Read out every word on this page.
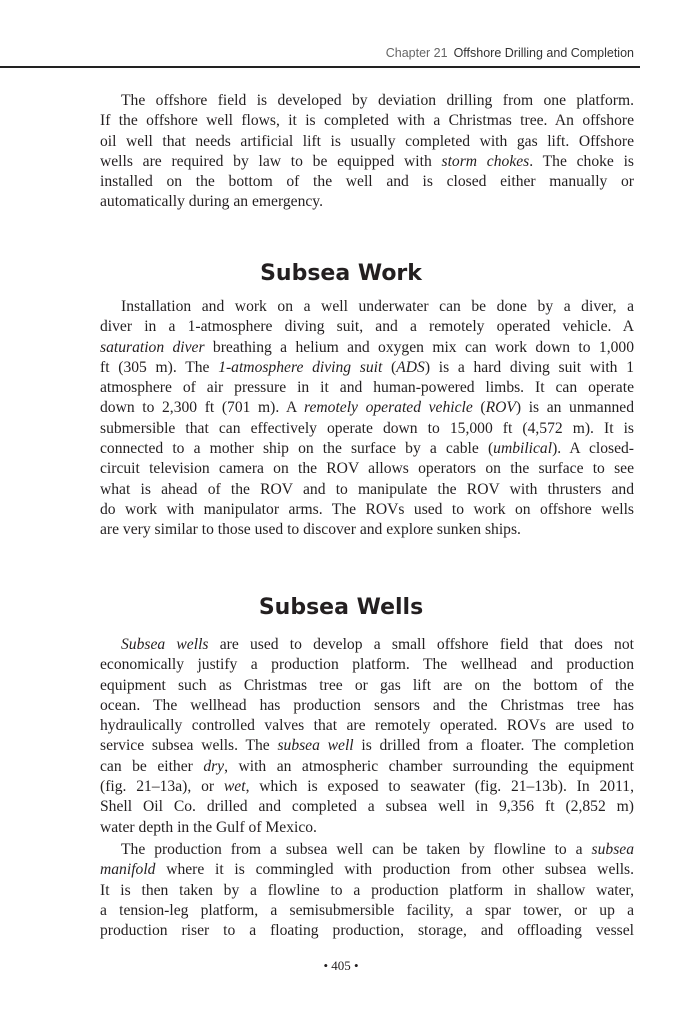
Chapter 21 Offshore Drilling and Completion
The offshore field is developed by deviation drilling from one platform.
If the offshore well flows, it is completed with a Christmas tree. An offshore
oil well that needs artificial lift is usually completed with gas lift. Offshore
wells are required by law to be equipped with storm chokes. The choke is
installed on the bottom of the well and is closed either manually or
automatically during an emergency.
Subsea Work
Installation and work on a well underwater can be done by a diver, a
diver in a 1-atmosphere diving suit, and a remotely operated vehicle. A
saturation diver breathing a helium and oxygen mix can work down to 1,000
ft (305 m). The 1-atmosphere diving suit (ADS) is a hard diving suit with 1
atmosphere of air pressure in it and human-powered limbs. It can operate
down to 2,300 ft (701 m). A remotely operated vehicle (ROV) is an unmanned
submersible that can effectively operate down to 15,000 ft (4,572 m). It is
connected to a mother ship on the surface by a cable (umbilical). A closed-
circuit television camera on the ROV allows operators on the surface to see
what is ahead of the ROV and to manipulate the ROV with thrusters and
do work with manipulator arms. The ROVs used to work on offshore wells
are very similar to those used to discover and explore sunken ships.
Subsea Wells
Subsea wells are used to develop a small offshore field that does not
economically justify a production platform. The wellhead and production
equipment such as Christmas tree or gas lift are on the bottom of the
ocean. The wellhead has production sensors and the Christmas tree has
hydraulically controlled valves that are remotely operated. ROVs are used to
service subsea wells. The subsea well is drilled from a floater. The completion
can be either dry, with an atmospheric chamber surrounding the equipment
(fig. 21–13a), or wet, which is exposed to seawater (fig. 21–13b). In 2011,
Shell Oil Co. drilled and completed a subsea well in 9,356 ft (2,852 m)
water depth in the Gulf of Mexico.
The production from a subsea well can be taken by flowline to a subsea
manifold where it is commingled with production from other subsea wells.
It is then taken by a flowline to a production platform in shallow water,
a tension-leg platform, a semisubmersible facility, a spar tower, or up a
production riser to a floating production, storage, and offloading vessel
• 405 •
